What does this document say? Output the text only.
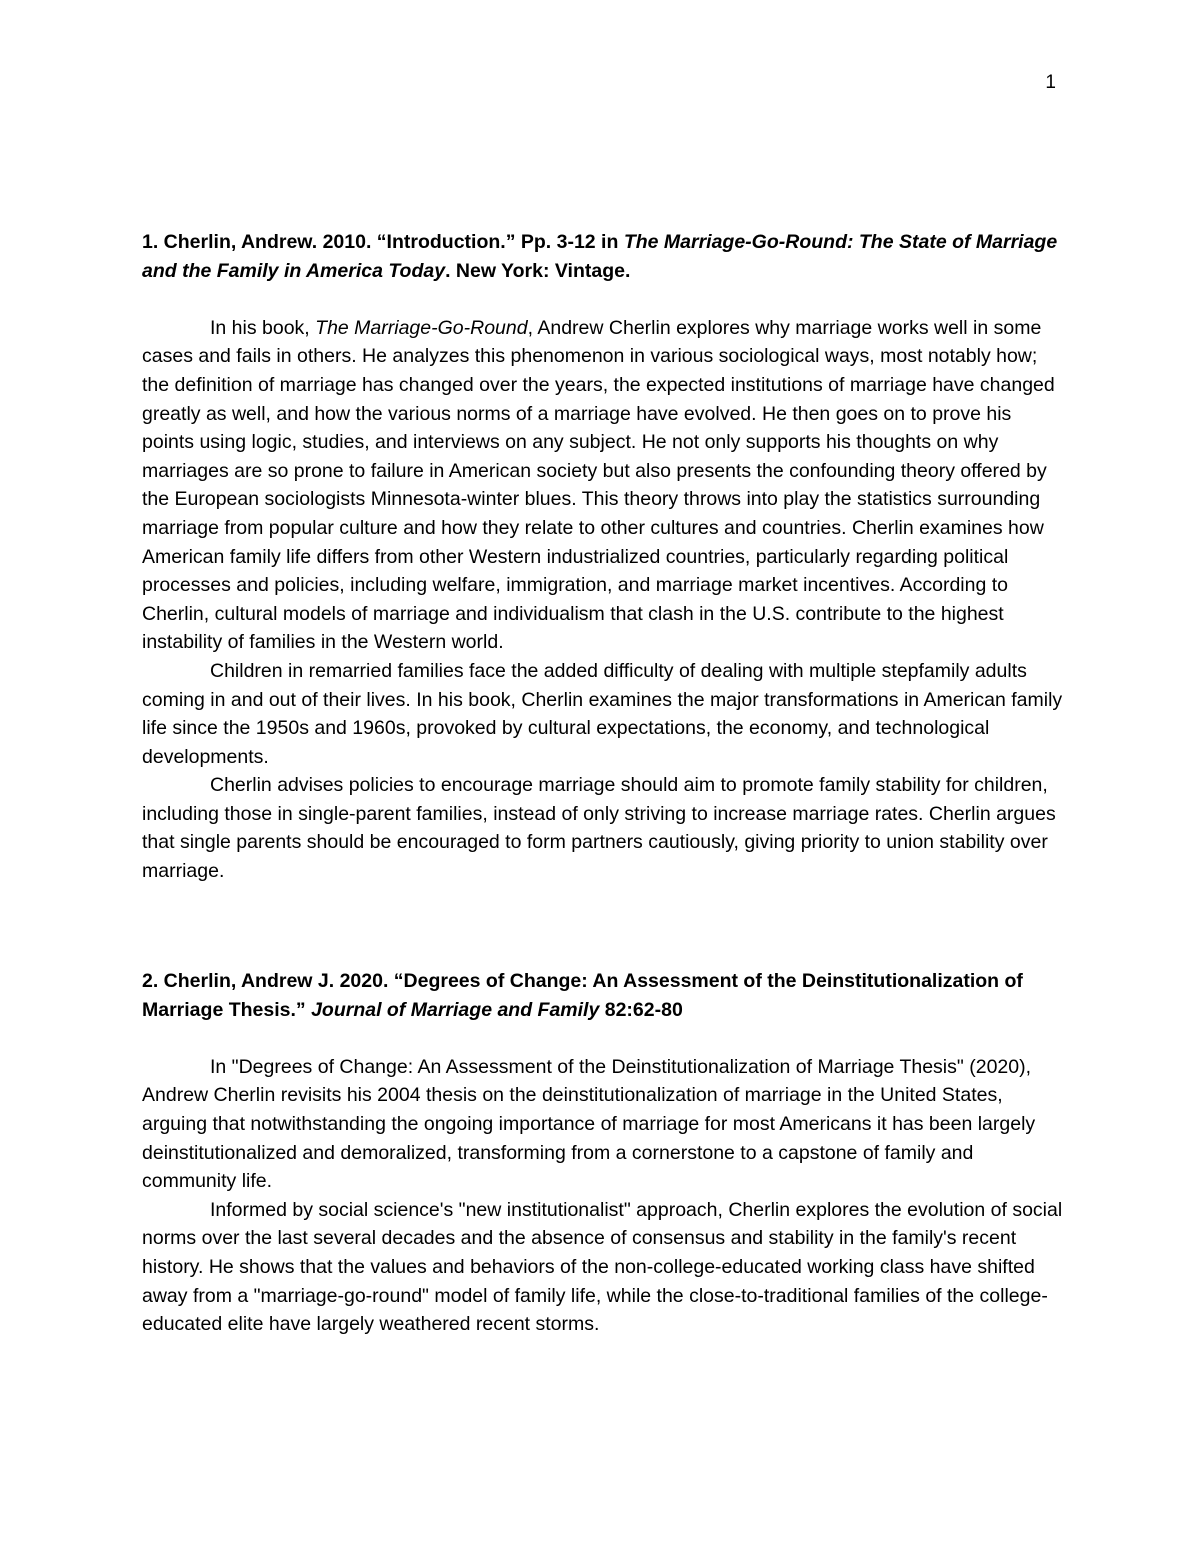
1

1. Cherlin, Andrew. 2010. “Introduction.” Pp. 3-12 in The Marriage-Go-Round: The State of Marriage and the Family in America Today. New York: Vintage.

In his book, The Marriage-Go-Round, Andrew Cherlin explores why marriage works well in some cases and fails in others. He analyzes this phenomenon in various sociological ways, most notably how; the definition of marriage has changed over the years, the expected institutions of marriage have changed greatly as well, and how the various norms of a marriage have evolved. He then goes on to prove his points using logic, studies, and interviews on any subject. He not only supports his thoughts on why marriages are so prone to failure in American society but also presents the confounding theory offered by the European sociologists Minnesota-winter blues. This theory throws into play the statistics surrounding marriage from popular culture and how they relate to other cultures and countries. Cherlin examines how American family life differs from other Western industrialized countries, particularly regarding political processes and policies, including welfare, immigration, and marriage market incentives. According to Cherlin, cultural models of marriage and individualism that clash in the U.S. contribute to the highest instability of families in the Western world.

Children in remarried families face the added difficulty of dealing with multiple stepfamily adults coming in and out of their lives. In his book, Cherlin examines the major transformations in American family life since the 1950s and 1960s, provoked by cultural expectations, the economy, and technological developments.

Cherlin advises policies to encourage marriage should aim to promote family stability for children, including those in single-parent families, instead of only striving to increase marriage rates. Cherlin argues that single parents should be encouraged to form partners cautiously, giving priority to union stability over marriage.

2. Cherlin, Andrew J. 2020. “Degrees of Change: An Assessment of the Deinstitutionalization of Marriage Thesis.” Journal of Marriage and Family 82:62-80

In "Degrees of Change: An Assessment of the Deinstitutionalization of Marriage Thesis" (2020), Andrew Cherlin revisits his 2004 thesis on the deinstitutionalization of marriage in the United States, arguing that notwithstanding the ongoing importance of marriage for most Americans it has been largely deinstitutionalized and demoralized, transforming from a cornerstone to a capstone of family and community life.

Informed by social science's "new institutionalist" approach, Cherlin explores the evolution of social norms over the last several decades and the absence of consensus and stability in the family's recent history. He shows that the values and behaviors of the non-college-educated working class have shifted away from a "marriage-go-round" model of family life, while the close-to-traditional families of the college-educated elite have largely weathered recent storms.
